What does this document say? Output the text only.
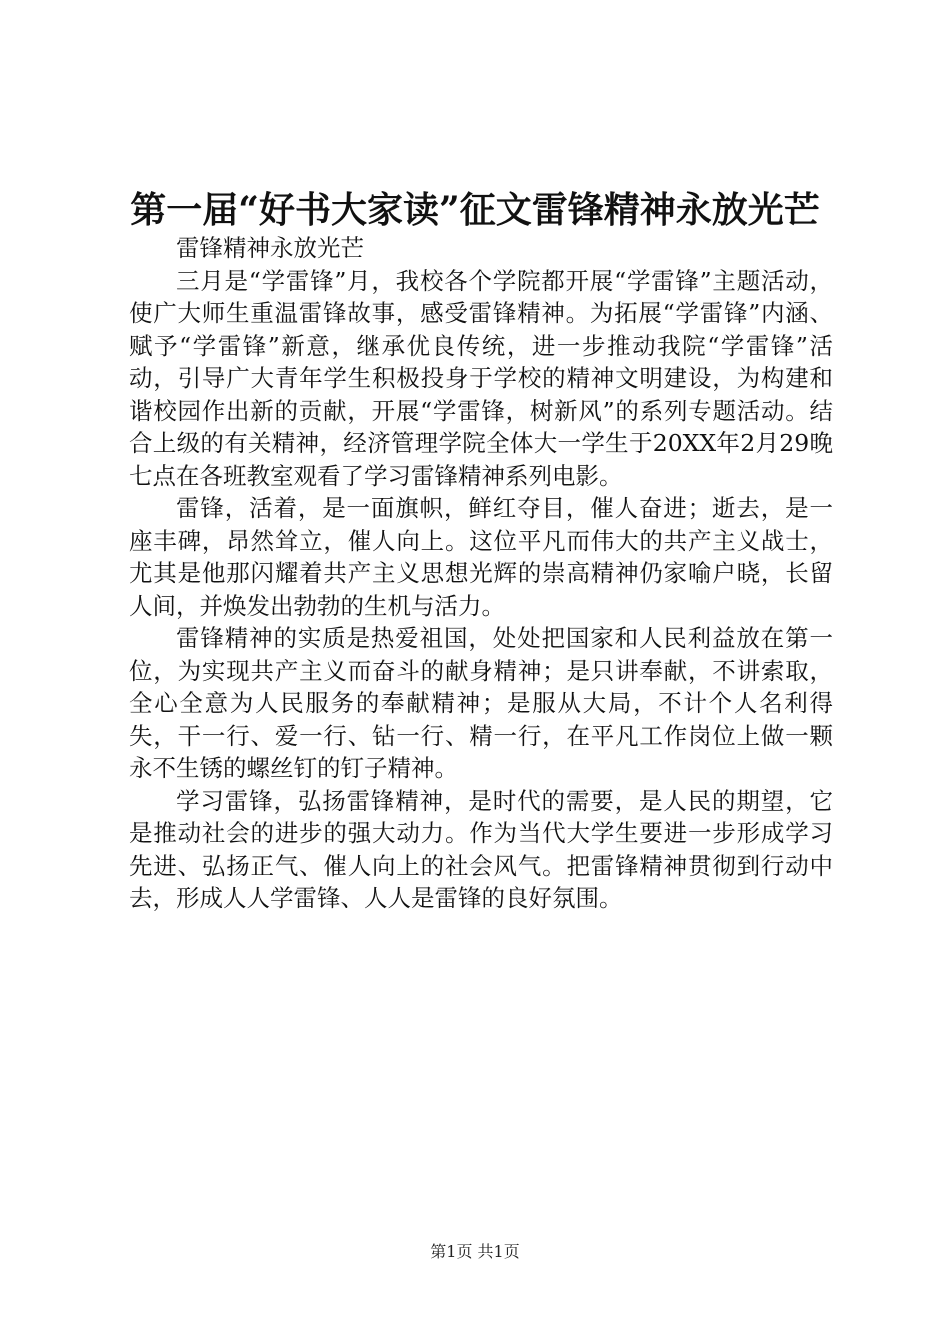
第一届“好书大家读”征文雷锋精神永放光芒

雷锋精神永放光芒

三月是“学雷锋”月，我校各个学院都开展“学雷锋”主题活动，使广大师生重温雷锋故事，感受雷锋精神。为拓展“学雷锋”内涵、赋予“学雷锋”新意，继承优良传统，进一步推动我院“学雷锋”活动，引导广大青年学生积极投身于学校的精神文明建设，为构建和谐校园作出新的贡献，开展“学雷锋，树新风”的系列专题活动。结合上级的有关精神，经济管理学院全体大一学生于20XX年2月29晚七点在各班教室观看了学习雷锋精神系列电影。

雷锋，活着，是一面旗帜，鲜红夺目，催人奋进；逝去，是一座丰碑，昂然耸立，催人向上。这位平凡而伟大的共产主义战士，尤其是他那闪耀着共产主义思想光辉的崇高精神仍家喻户晓，长留人间，并焕发出勃勃的生机与活力。

雷锋精神的实质是热爱祖国，处处把国家和人民利益放在第一位，为实现共产主义而奋斗的献身精神；是只讲奉献，不讲索取，全心全意为人民服务的奉献精神；是服从大局，不计个人名利得失，干一行、爱一行、钻一行、精一行，在平凡工作岗位上做一颗永不生锈的螺丝钉的钉子精神。

学习雷锋，弘扬雷锋精神，是时代的需要，是人民的期望，它是推动社会的进步的强大动力。作为当代大学生要进一步形成学习先进、弘扬正气、催人向上的社会风气。把雷锋精神贯彻到行动中去，形成人人学雷锋、人人是雷锋的良好氛围。

第1页 共1页
